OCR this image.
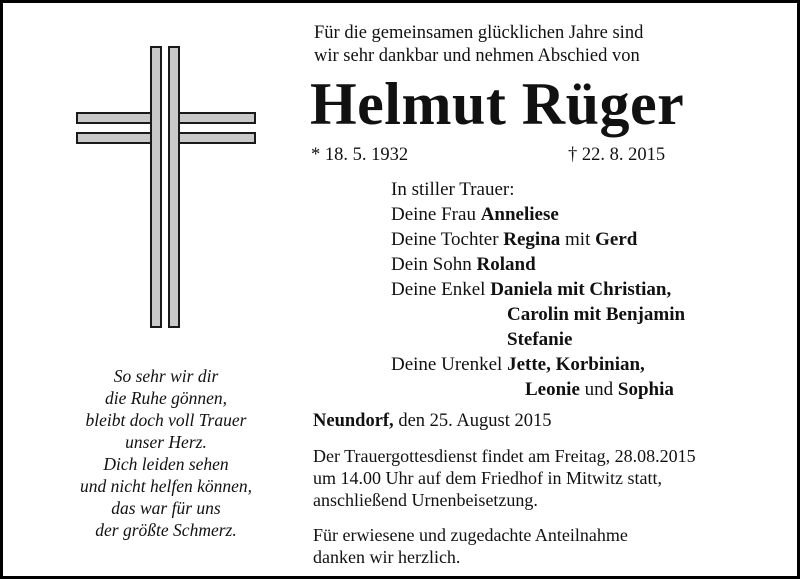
So sehr wir dir
die Ruhe gönnen,
bleibt doch voll Trauer
unser Herz.
Dich leiden sehen
und nicht helfen können,
das war für uns
der größte Schmerz.
Für die gemeinsamen glücklichen Jahre sind
wir sehr dankbar und nehmen Abschied von
Helmut Rüger
* 18. 5. 1932	† 22. 8. 2015
In stiller Trauer:
Deine Frau Anneliese
Deine Tochter Regina mit Gerd
Dein Sohn Roland
Deine Enkel Daniela mit Christian,
Carolin mit Benjamin
Stefanie
Deine Urenkel Jette, Korbinian,
Leonie und Sophia
Neundorf, den 25. August 2015
Der Trauergottesdienst findet am Freitag, 28.08.2015
um 14.00 Uhr auf dem Friedhof in Mitwitz statt,
anschließend Urnenbeisetzung.
Für erwiesene und zugedachte Anteilnahme
danken wir herzlich.
